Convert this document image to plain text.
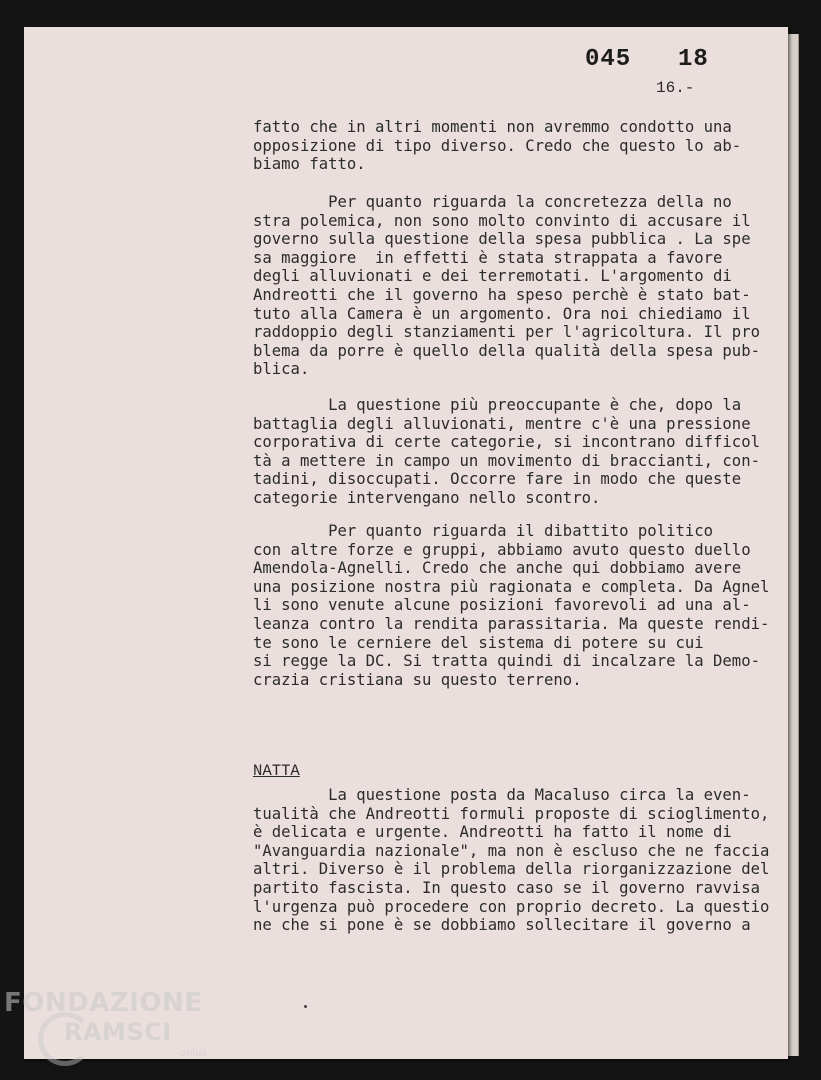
045 18
16.-
fatto che in altri momenti non avremmo condotto una
opposizione di tipo diverso. Credo che questo lo ab-
biamo fatto.
Per quanto riguarda la concretezza della no
stra polemica, non sono molto convinto di accusare il
governo sulla questione della spesa pubblica . La spe
sa maggiore  in effetti è stata strappata a favore
degli alluvionati e dei terremotati. L'argomento di
Andreotti che il governo ha speso perchè è stato bat-
tuto alla Camera è un argomento. Ora noi chiediamo il
raddoppio degli stanziamenti per l'agricoltura. Il pro
blema da porre è quello della qualità della spesa pub-
blica.
La questione più preoccupante è che, dopo la
battaglia degli alluvionati, mentre c'è una pressione
corporativa di certe categorie, si incontrano difficol
tà a mettere in campo un movimento di braccianti, con-
tadini, disoccupati. Occorre fare in modo che queste
categorie intervengano nello scontro.
Per quanto riguarda il dibattito politico
con altre forze e gruppi, abbiamo avuto questo duello
Amendola-Agnelli. Credo che anche qui dobbiamo avere
una posizione nostra più ragionata e completa. Da Agnel
li sono venute alcune posizioni favorevoli ad una al-
leanza contro la rendita parassitaria. Ma queste rendi-
te sono le cerniere del sistema di potere su cui
si regge la DC. Si tratta quindi di incalzare la Demo-
crazia cristiana su questo terreno.
NATTA
La questione posta da Macaluso circa la even-
tualità che Andreotti formuli proposte di scioglimento,
è delicata e urgente. Andreotti ha fatto il nome di
"Avanguardia nazionale", ma non è escluso che ne faccia
altri. Diverso è il problema della riorganizzazione del
partito fascista. In questo caso se il governo ravvisa
l'urgenza può procedere con proprio decreto. La questio
ne che si pone è se dobbiamo sollecitare il governo a
FONDAZIONE
RAMSCI
onlus
